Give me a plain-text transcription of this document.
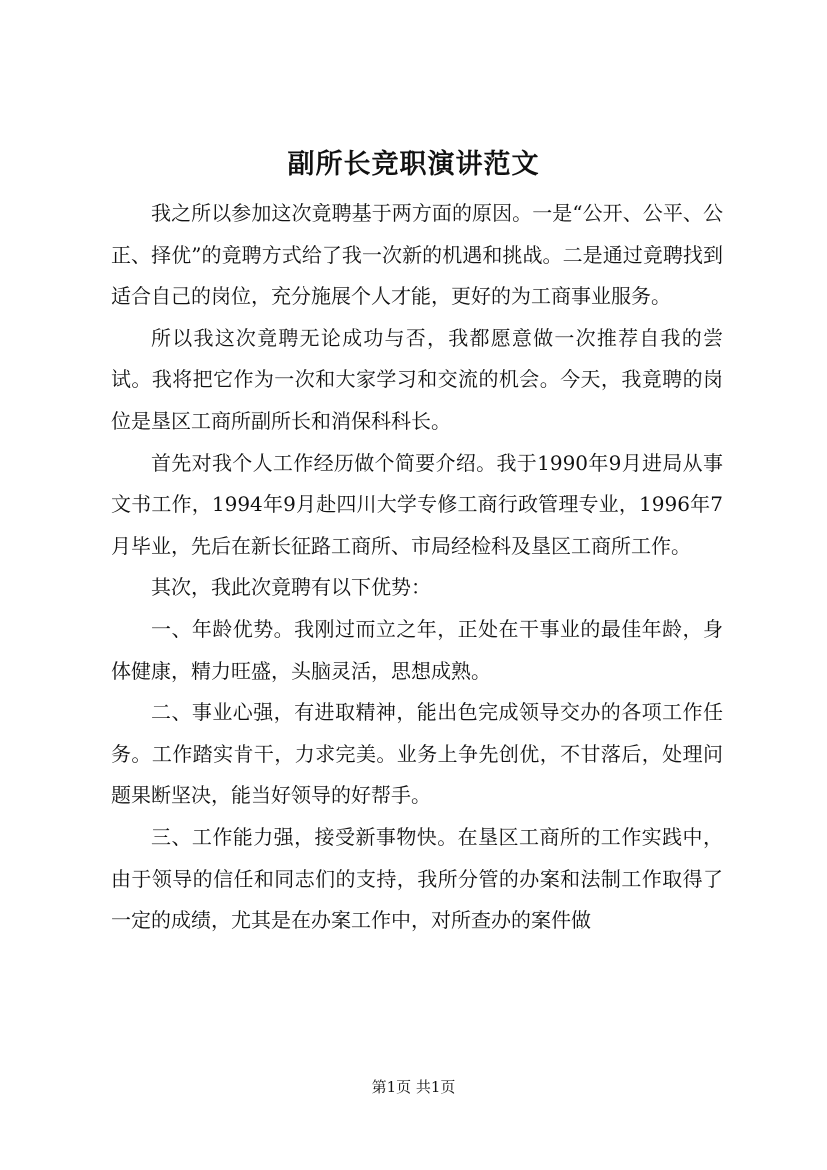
副所长竞职演讲范文

我之所以参加这次竟聘基于两方面的原因。一是“公开、公平、公正、择优”的竟聘方式给了我一次新的机遇和挑战。二是通过竟聘找到适合自己的岗位，充分施展个人才能，更好的为工商事业服务。

所以我这次竟聘无论成功与否，我都愿意做一次推荐自我的尝试。我将把它作为一次和大家学习和交流的机会。今天，我竟聘的岗位是垦区工商所副所长和消保科科长。

首先对我个人工作经历做个简要介绍。我于1990年9月进局从事文书工作，1994年9月赴四川大学专修工商行政管理专业，1996年7月毕业，先后在新长征路工商所、市局经检科及垦区工商所工作。

其次，我此次竟聘有以下优势：

一、年龄优势。我刚过而立之年，正处在干事业的最佳年龄，身体健康，精力旺盛，头脑灵活，思想成熟。

二、事业心强，有进取精神，能出色完成领导交办的各项工作任务。工作踏实肯干，力求完美。业务上争先创优，不甘落后，处理问题果断坚决，能当好领导的好帮手。

三、工作能力强，接受新事物快。在垦区工商所的工作实践中，由于领导的信任和同志们的支持，我所分管的办案和法制工作取得了一定的成绩，尤其是在办案工作中，对所查办的案件做

第1页 共1页
